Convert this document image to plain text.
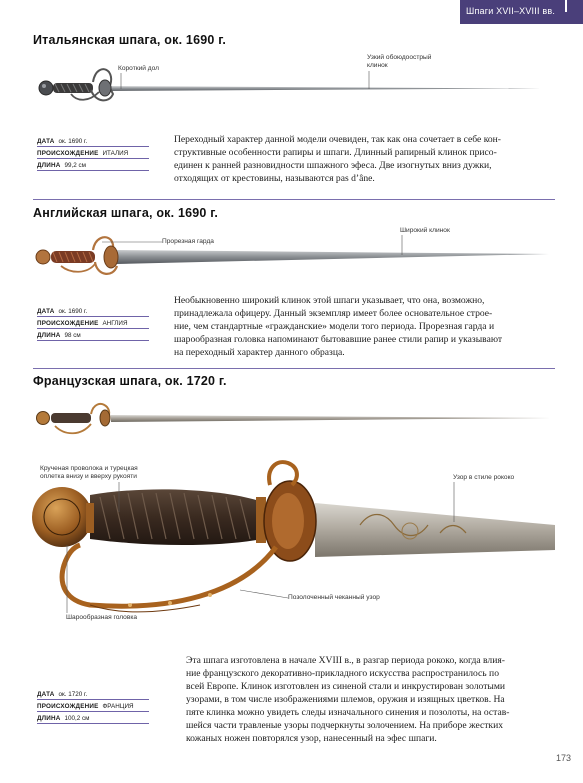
Шпаги XVII–XVIII вв.
Итальянская шпага, ок. 1690 г.
Короткий дол
Узкий обоюдоострый
клинок
ДАТА ок. 1690 г.
ПРОИСХОЖДЕНИЕ ИТАЛИЯ
ДЛИНА 99,2 см
Переходный характер данной модели очевиден, так как она сочетает в себе кон-
структивные особенности рапиры и шпаги. Длинный рапирный клинок присо-
единен к ранней разновидности шпажного эфеса. Две изогнутых вниз дужки,
отходящих от крестовины, называются pas d’âne.
Английская шпага, ок. 1690 г.
Прорезная гарда
Широкий клинок
ДАТА ок. 1690 г.
ПРОИСХОЖДЕНИЕ АНГЛИЯ
ДЛИНА 98 см
Необыкновенно широкий клинок этой шпаги указывает, что она, возможно,
принадлежала офицеру. Данный экземпляр имеет более основательное строе-
ние, чем стандартные «гражданские» модели того периода. Прорезная гарда и
шарообразная головка напоминают бытовавшие ранее стили рапир и указывают
на переходный характер данного образца.
Французская шпага, ок. 1720 г.
Крученая проволока и турецкая
оплетка внизу и вверху рукояти	Узор в стиле рококо
Позолоченный чеканный узор
Шарообразная головка
ДАТА ок. 1720 г.
ПРОИСХОЖДЕНИЕ ФРАНЦИЯ
ДЛИНА 100,2 см
Эта шпага изготовлена в начале XVIII в., в разгар периода рококо, когда влия-
ние французского декоративно-прикладного искусства распространилось по
всей Европе. Клинок изготовлен из синеной стали и инкрустирован золотыми
узорами, в том числе изображениями шлемов, оружия и изящных цветков. На
пяте клинка можно увидеть следы изначального синения и позолоты, на остав-
шейся части травленые узоры подчеркнуты золочением. На приборе жестких
кожаных ножен повторялся узор, нанесенный на эфес шпаги.
173
